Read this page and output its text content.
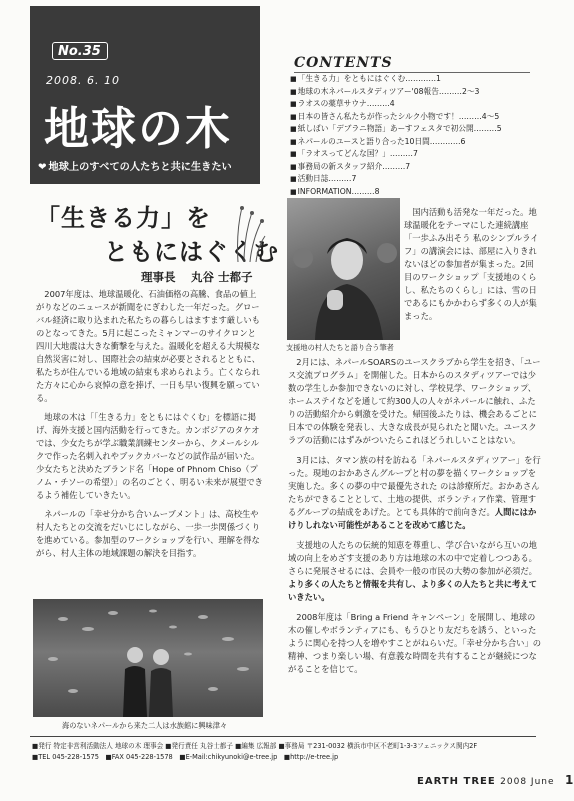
No.35
2008. 6. 10
地球の木
❤ 地球上のすべての人たちと共に生きたい
CONTENTS
■ 「生きる力」をともにはぐくむ…………1
■ 地球の木ネパールスタディツアー'08報告………2〜3
■ ラオスの薬草サウナ………4
■ 日本の皆さん私たちが作ったシルク小物です！………4〜5
■ 紙しばい「デブラニ物語」あーすフェスタで初公開………5
■ ネパールのユースと語り合った10日間…………6
■ 「ラオスってどんな国？」………7
■ 事務局の新スタッフ紹介………7
■ 活動日誌………7
■ INFORMATION………8
「生きる力」を
ともにはぐくむ
理事長　 丸谷 士都子

2007年度は、地球温暖化、石油価格の高騰、食品の値上がりなどのニュースが新聞をにぎわした一年だった。グローバル経済に取り込まれた私たちの暮らしはますます厳しいものとなってきた。5月に起こったミャンマーのサイクロンと四川大地震は大きな衝撃を与えた。温暖化を超える大規模な自然災害に対し、国際社会の結束が必要とされるとともに、私たちが住んでいる地域の結束も求められよう。亡くなられた方々に心から哀悼の意を捧げ、一日も早い復興を願っている。

地球の木は「「生きる力」をともにはぐくむ」を標語に掲げ、海外支援と国内活動を行ってきた。カンボジアのタケオでは、少女たちが学ぶ職業訓練センターから、クメールシルクで作った名刺入れやブックカバーなどの試作品が届いた。少女たちと決めたブランド名「Hope of Phnom Chiso（プノム・チソーの希望）」の名のごとく、明るい未来が展望できるよう補佐していきたい。

ネパールの「幸せ分かち合いムーブメント」は、高校生や村人たちとの交流をだいじにしながら、一歩一歩関係づくりを進めている。参加型のワークショップを行い、理解を得ながら、村人主体の地域課題の解決を目指す。

支援地の村人たちと語り合う筆者

国内活動も活発な一年だった。地球温暖化をテーマにした連続講座「一歩ふみ出そう 私のシンプルライフ」の講演会には、部屋に入りきれないほどの参加者が集まった。2回目のワークショップ「支援地のくらし、私たちのくらし」には、雪の日であるにもかかわらず多くの人が集まった。

2月には、ネパールSOARSのユースクラブから学生を招き、「ユース交流プログラム」を開催した。日本からのスタディツアーでは少数の学生しか参加できないのに対し、学校見学、ワークショップ、ホームステイなどを通して約300人の人々がネパールに触れ、ふたりの活動紹介から刺激を受けた。帰国後ふたりは、機会あるごとに日本での体験を発表し、大きな成長が見られたと聞いた。ユースクラブの活動にはずみがついたらこれほどうれしいことはない。

3月には、タマン族の村を訪ねる「ネパールスタディツアー」を行った。現地のおかあさんグループと村の夢を描くワークショップを実施した。多くの夢の中で最優先された のは診療所だ。おかあさんたちができることとして、土地の提供、ボランティア作業、管理するグループの結成をあげた。とても具体的で前向きだ。人間にはかけりしれない可能性があることを改めて感じた。

支援地の人たちの伝統的知恵を尊重し、学び合いながら互いの地域の向上をめざす支援のあり方は地球の木の中で定着しつつある。さらに発展させるには、会員や一般の市民の大勢の参加が必須だ。より多くの人たちと情報を共有し、より多くの人たちと共に考えていきたい。

2008年度は「Bring a Friend キャンペーン」を展開し、地球の木の催しやボランティアにも、もうひとり友だちを誘う、といったように関心を持つ人を増やすことがねらいだ。「幸せ分かち合い」の精神、つまり楽しい場、有意義な時間を共有することが継続につながることを信じて。

海のないネパールから来た二人は水族館に興味津々
■発行 特定非営利活動法人 地球の木 理事会 ■発行責任 丸谷士都子 ■編集 広報部 ■事務局 〒231-0032 横浜市中区不老町1-3-3フェニックス関内2F
■TEL 045-228-1575　■FAX 045-228-1578　■E-Mail:chikyunoki@e-tree.jp　■http://e-tree.jp
EARTH TREE 2008 June 1
